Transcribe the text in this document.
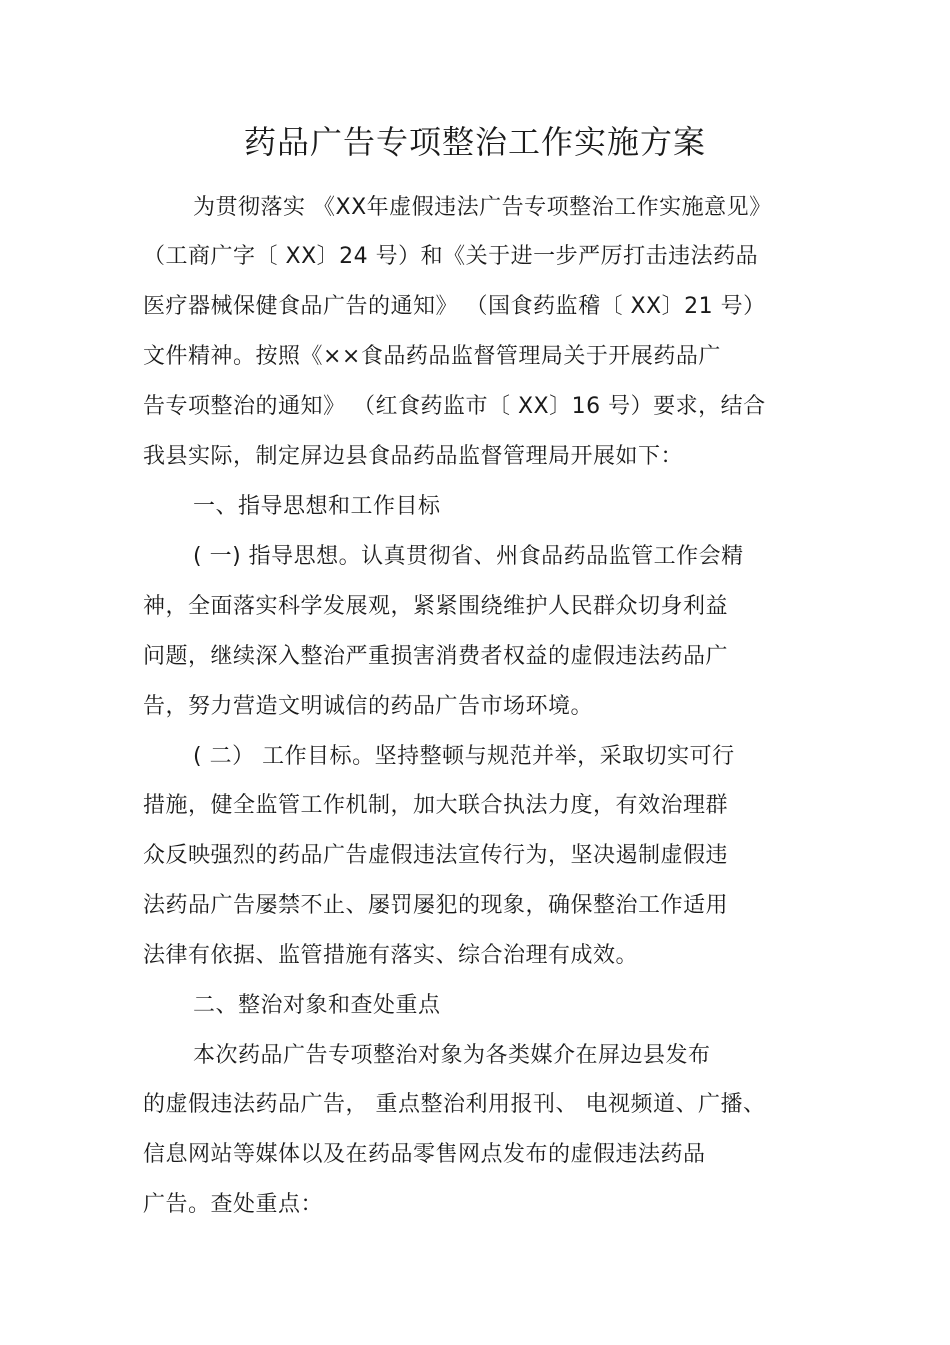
药品广告专项整治工作实施方案
为贯彻落实 《XX年虚假违法广告专项整治工作实施意见》
（工商广字〔 XX〕24 号）和《关于进一步严厉打击违法药品
医疗器械保健食品广告的通知》 （国食药监稽〔 XX〕21 号）
文件精神。按照《××食品药品监督管理局关于开展药品广
告专项整治的通知》 （红食药监市〔 XX〕16 号）要求，结合
我县实际，制定屏边县食品药品监督管理局开展如下：
一、指导思想和工作目标
( 一) 指导思想。认真贯彻省、州食品药品监管工作会精
神，全面落实科学发展观，紧紧围绕维护人民群众切身利益
问题，继续深入整治严重损害消费者权益的虚假违法药品广
告，努力营造文明诚信的药品广告市场环境。
( 二） 工作目标。坚持整顿与规范并举，采取切实可行
措施，健全监管工作机制，加大联合执法力度，有效治理群
众反映强烈的药品广告虚假违法宣传行为，坚决遏制虚假违
法药品广告屡禁不止、屡罚屡犯的现象，确保整治工作适用
法律有依据、监管措施有落实、综合治理有成效。
二、整治对象和查处重点
本次药品广告专项整治对象为各类媒介在屏边县发布
的虚假违法药品广告， 重点整治利用报刊、 电视频道、广播、
信息网站等媒体以及在药品零售网点发布的虚假违法药品
广告。查处重点：
